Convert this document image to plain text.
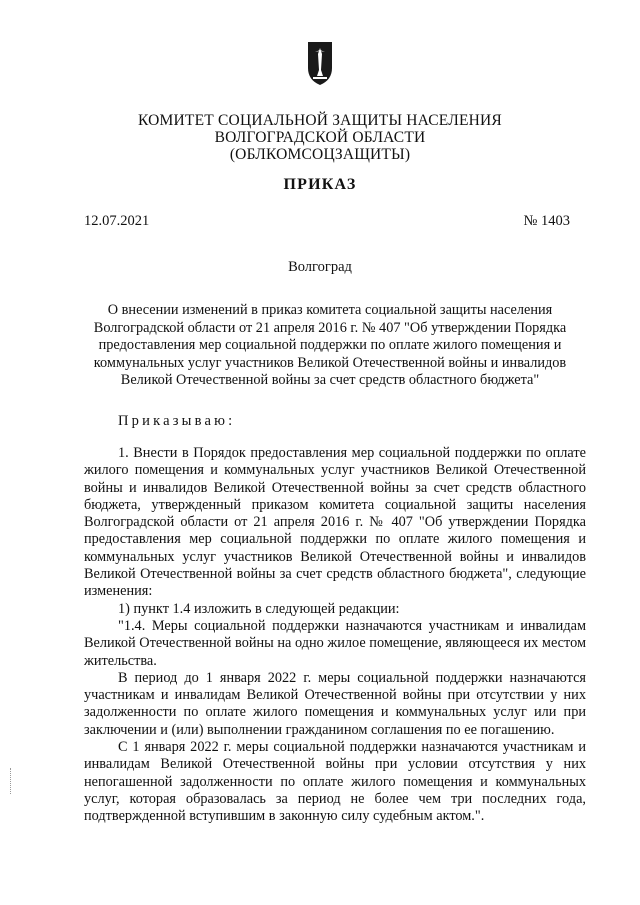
КОМИТЕТ СОЦИАЛЬНОЙ ЗАЩИТЫ НАСЕЛЕНИЯ
ВОЛГОГРАДСКОЙ ОБЛАСТИ
(ОБЛКОМСОЦЗАЩИТЫ)
ПРИКАЗ
12.07.2021	№ 1403
Волгоград
О внесении изменений в приказ комитета социальной защиты населения Волгоградской области от 21 апреля 2016 г. № 407 "Об утверждении Порядка предоставления мер социальной поддержки по оплате жилого помещения и коммунальных услуг участников Великой Отечественной войны и инвалидов Великой Отечественной войны за счет средств областного бюджета"
Приказываю:

1. Внести в Порядок предоставления мер социальной поддержки по оплате жилого помещения и коммунальных услуг участников Великой Отечественной войны и инвалидов Великой Отечественной войны за счет средств областного бюджета, утвержденный приказом комитета социальной защиты населения Волгоградской области от 21 апреля 2016 г. № 407 "Об утверждении Порядка предоставления мер социальной поддержки по оплате жилого помещения и коммунальных услуг участников Великой Отечественной войны и инвалидов Великой Отечественной войны за счет средств областного бюджета", следующие изменения:

1) пункт 1.4 изложить в следующей редакции:

"1.4. Меры социальной поддержки назначаются участникам и инвалидам Великой Отечественной войны на одно жилое помещение, являющееся их местом жительства.

В период до 1 января 2022 г. меры социальной поддержки назначаются участникам и инвалидам Великой Отечественной войны при отсутствии у них задолженности по оплате жилого помещения и коммунальных услуг или при заключении и (или) выполнении гражданином соглашения по ее погашению.

С 1 января 2022 г. меры социальной поддержки назначаются участникам и инвалидам Великой Отечественной войны при условии отсутствия у них непогашенной задолженности по оплате жилого помещения и коммунальных услуг, которая образовалась за период не более чем три последних года, подтвержденной вступившим в законную силу судебным актом.".
